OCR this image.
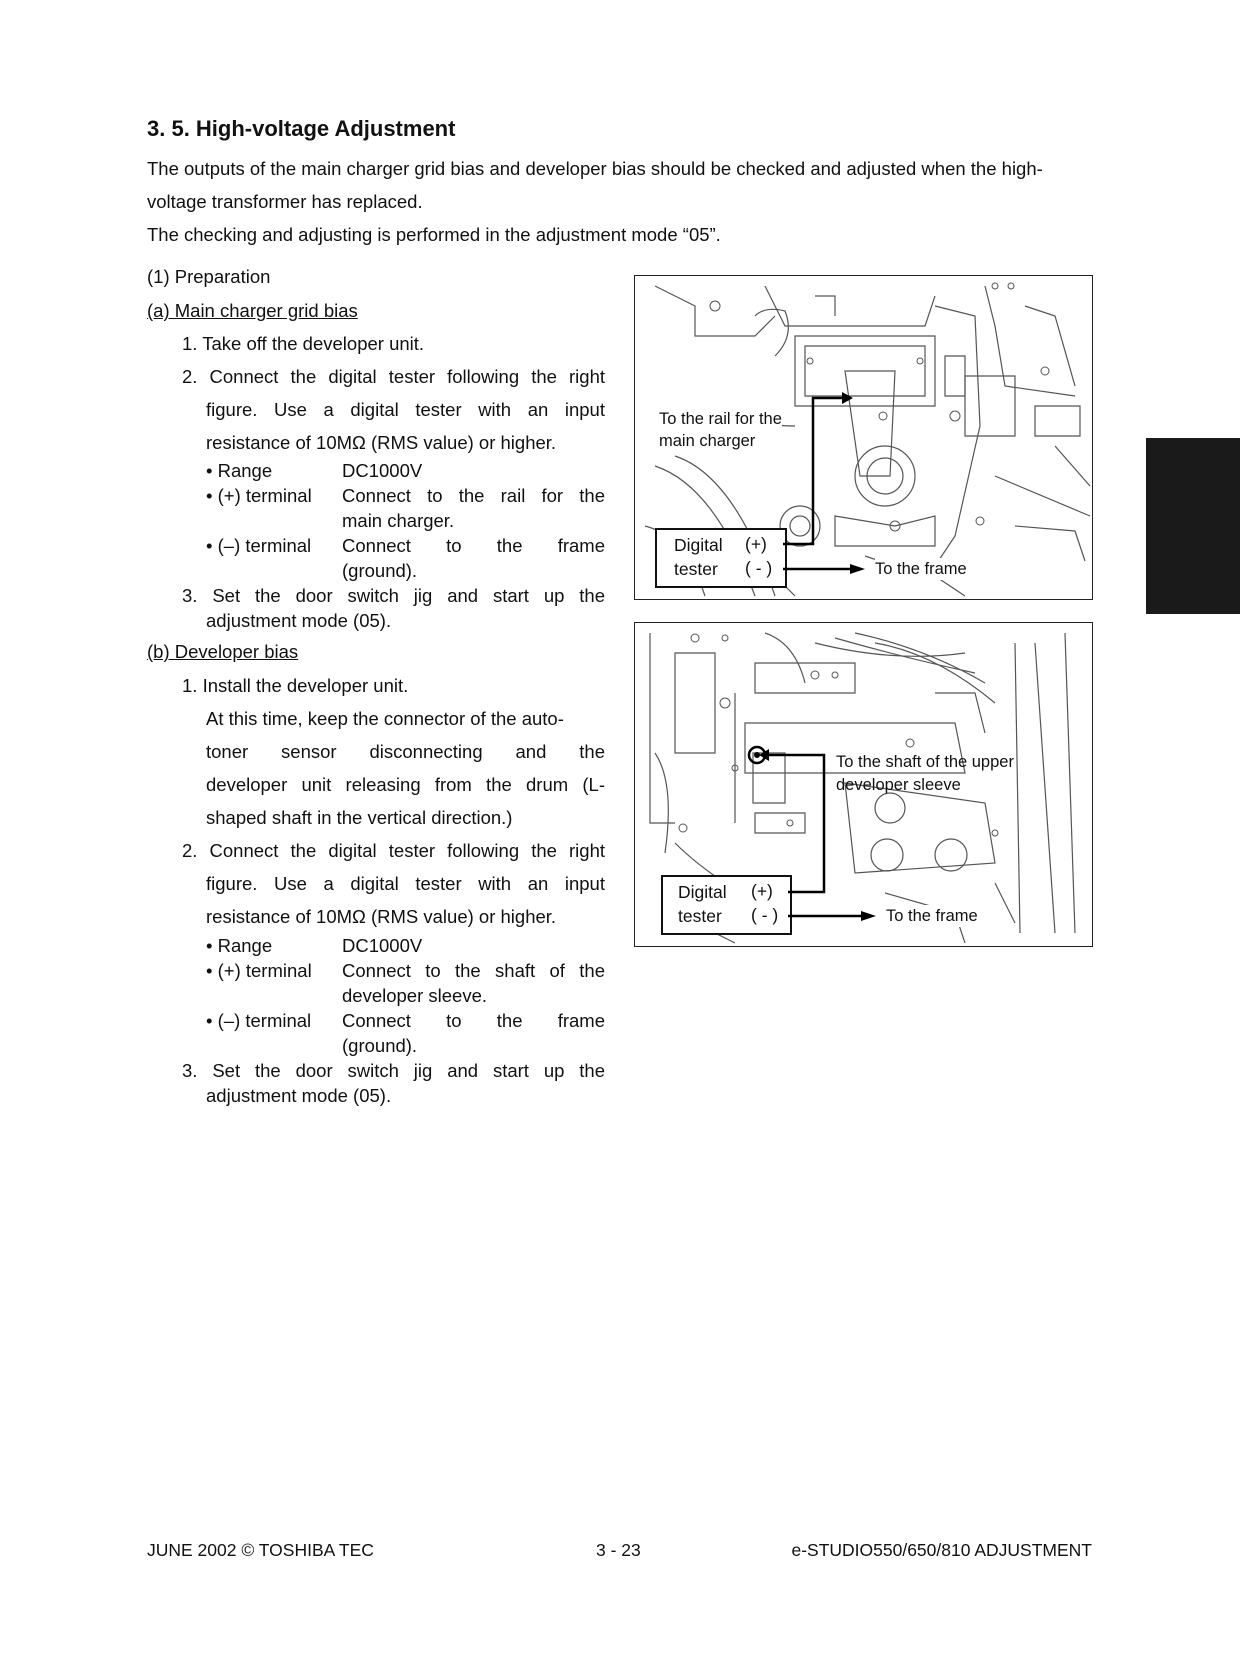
3. 5. High-voltage Adjustment

The outputs of the main charger grid bias and developer bias should be checked and adjusted when the high-voltage transformer has replaced.

The checking and adjusting is performed in the adjustment mode “05”.

(1) Preparation
(a) Main charger grid bias
1. Take off the developer unit.
2. Connect the digital tester following the right
figure. Use a digital tester with an input
resistance of 10MΩ (RMS value) or higher.
• Range	DC1000V
• (+) terminal Connect to the rail for the
main charger.
• (–) terminal Connect to the frame
(ground).
3. Set the door switch jig and start up the
adjustment mode (05).
(b) Developer bias
1. Install the developer unit.
At this time, keep the connector of the auto-
toner sensor disconnecting and the
developer unit releasing from the drum (L-
shaped shaft in the vertical direction.)
2. Connect the digital tester following the right
figure. Use a digital tester with an input
resistance of 10MΩ (RMS value) or higher.
• Range	DC1000V
• (+) terminal Connect to the shaft of the
developer sleeve.
• (–) terminal Connect to the frame
(ground).
3. Set the door switch jig and start up the
adjustment mode (05).
To the rail for the
main charger
Digital
tester
(+)
( - )	To the frame
To the shaft of the upper
developer sleeve
Digital
tester
(+)
( - )	To the frame
JUNE 2002 © TOSHIBA TEC	3 - 23	e-STUDIO550/650/810 ADJUSTMENT
